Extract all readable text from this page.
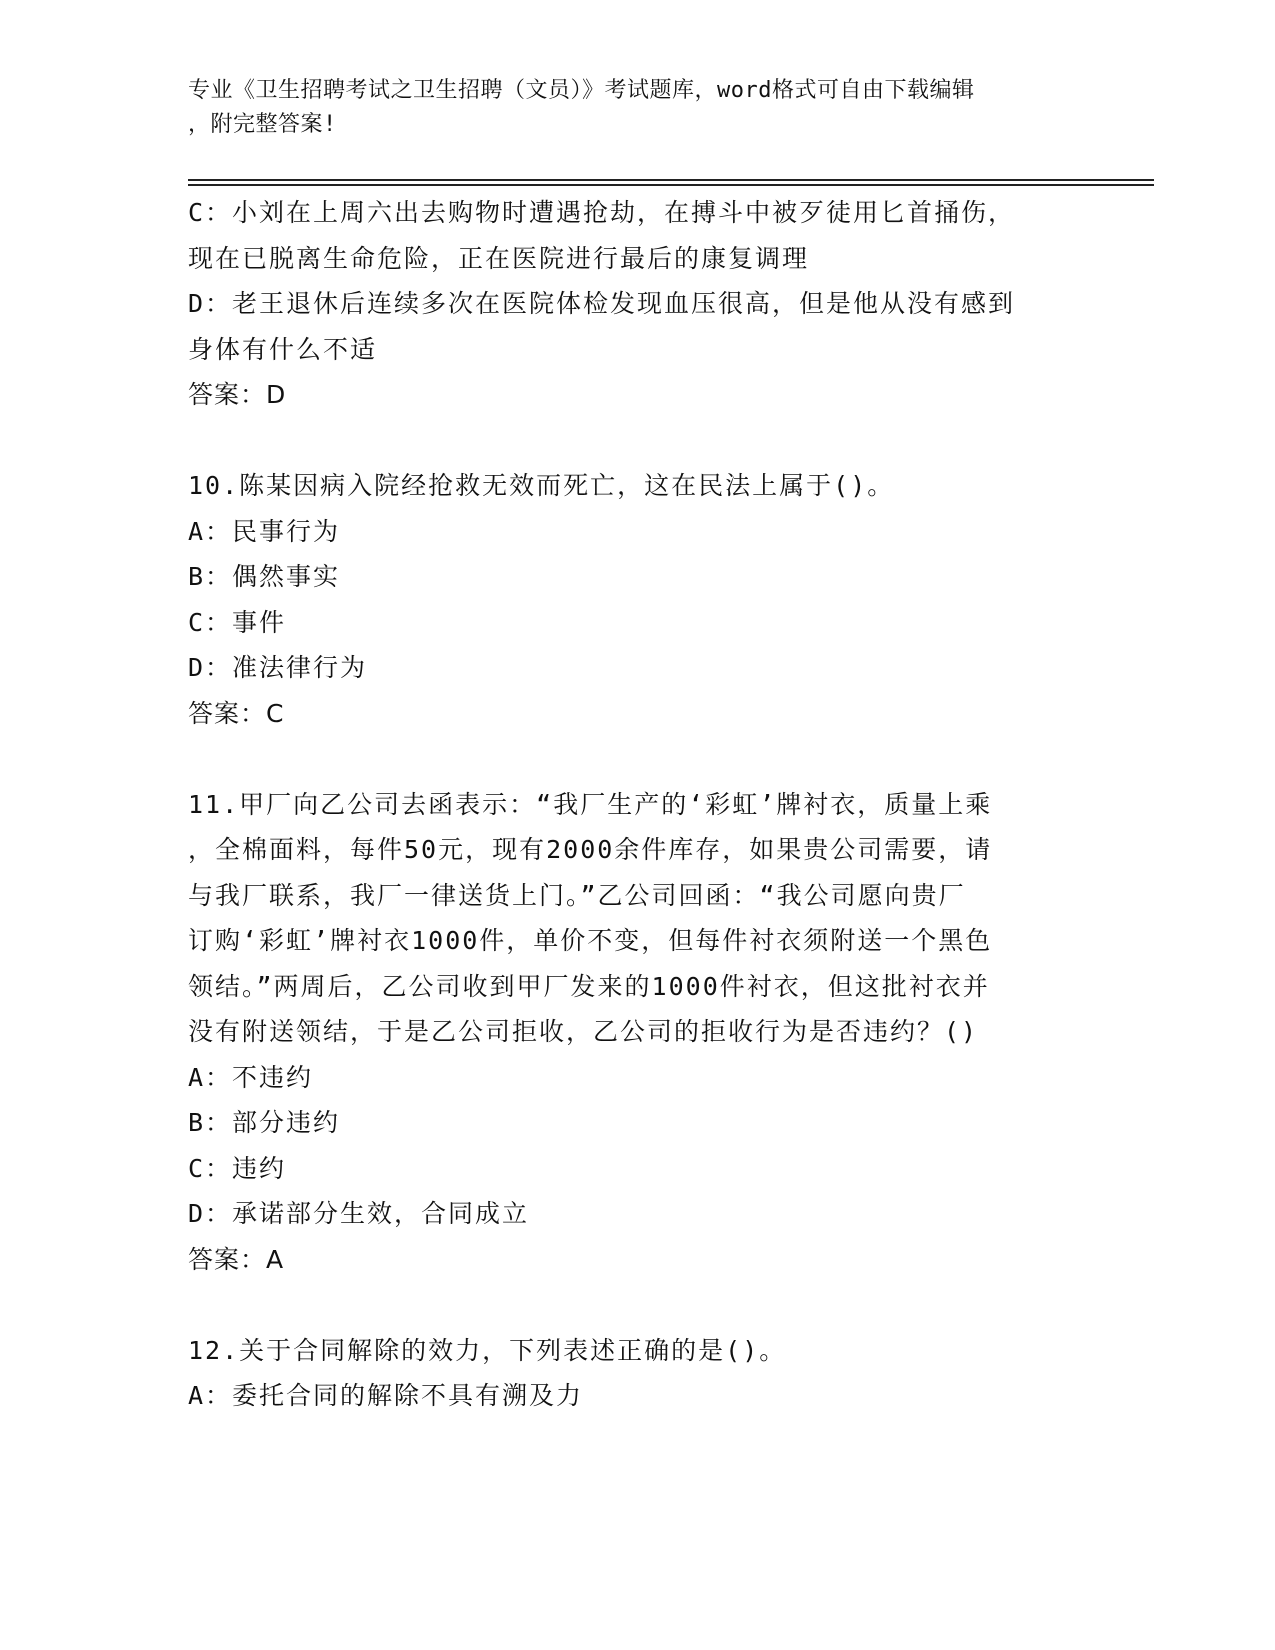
专业《卫生招聘考试之卫生招聘（文员）》考试题库，word格式可自由下载编辑
，附完整答案!
C：小刘在上周六出去购物时遭遇抢劫，在搏斗中被歹徒用匕首捅伤，
现在已脱离生命危险，正在医院进行最后的康复调理
D：老王退休后连续多次在医院体检发现血压很高，但是他从没有感到
身体有什么不适
答案：D
10.陈某因病入院经抢救无效而死亡，这在民法上属于()。
A：民事行为
B：偶然事实
C：事件
D：准法律行为
答案：C
11.甲厂向乙公司去函表示：“我厂生产的‘彩虹’牌衬衣，质量上乘
，全棉面料，每件50元，现有2000余件库存，如果贵公司需要，请
与我厂联系，我厂一律送货上门。”乙公司回函：“我公司愿向贵厂
订购‘彩虹’牌衬衣1000件，单价不变，但每件衬衣须附送一个黑色
领结。”两周后，乙公司收到甲厂发来的1000件衬衣，但这批衬衣并
没有附送领结，于是乙公司拒收，乙公司的拒收行为是否违约？()
A：不违约
B：部分违约
C：违约
D：承诺部分生效，合同成立
答案：A
12.关于合同解除的效力，下列表述正确的是()。
A：委托合同的解除不具有溯及力
